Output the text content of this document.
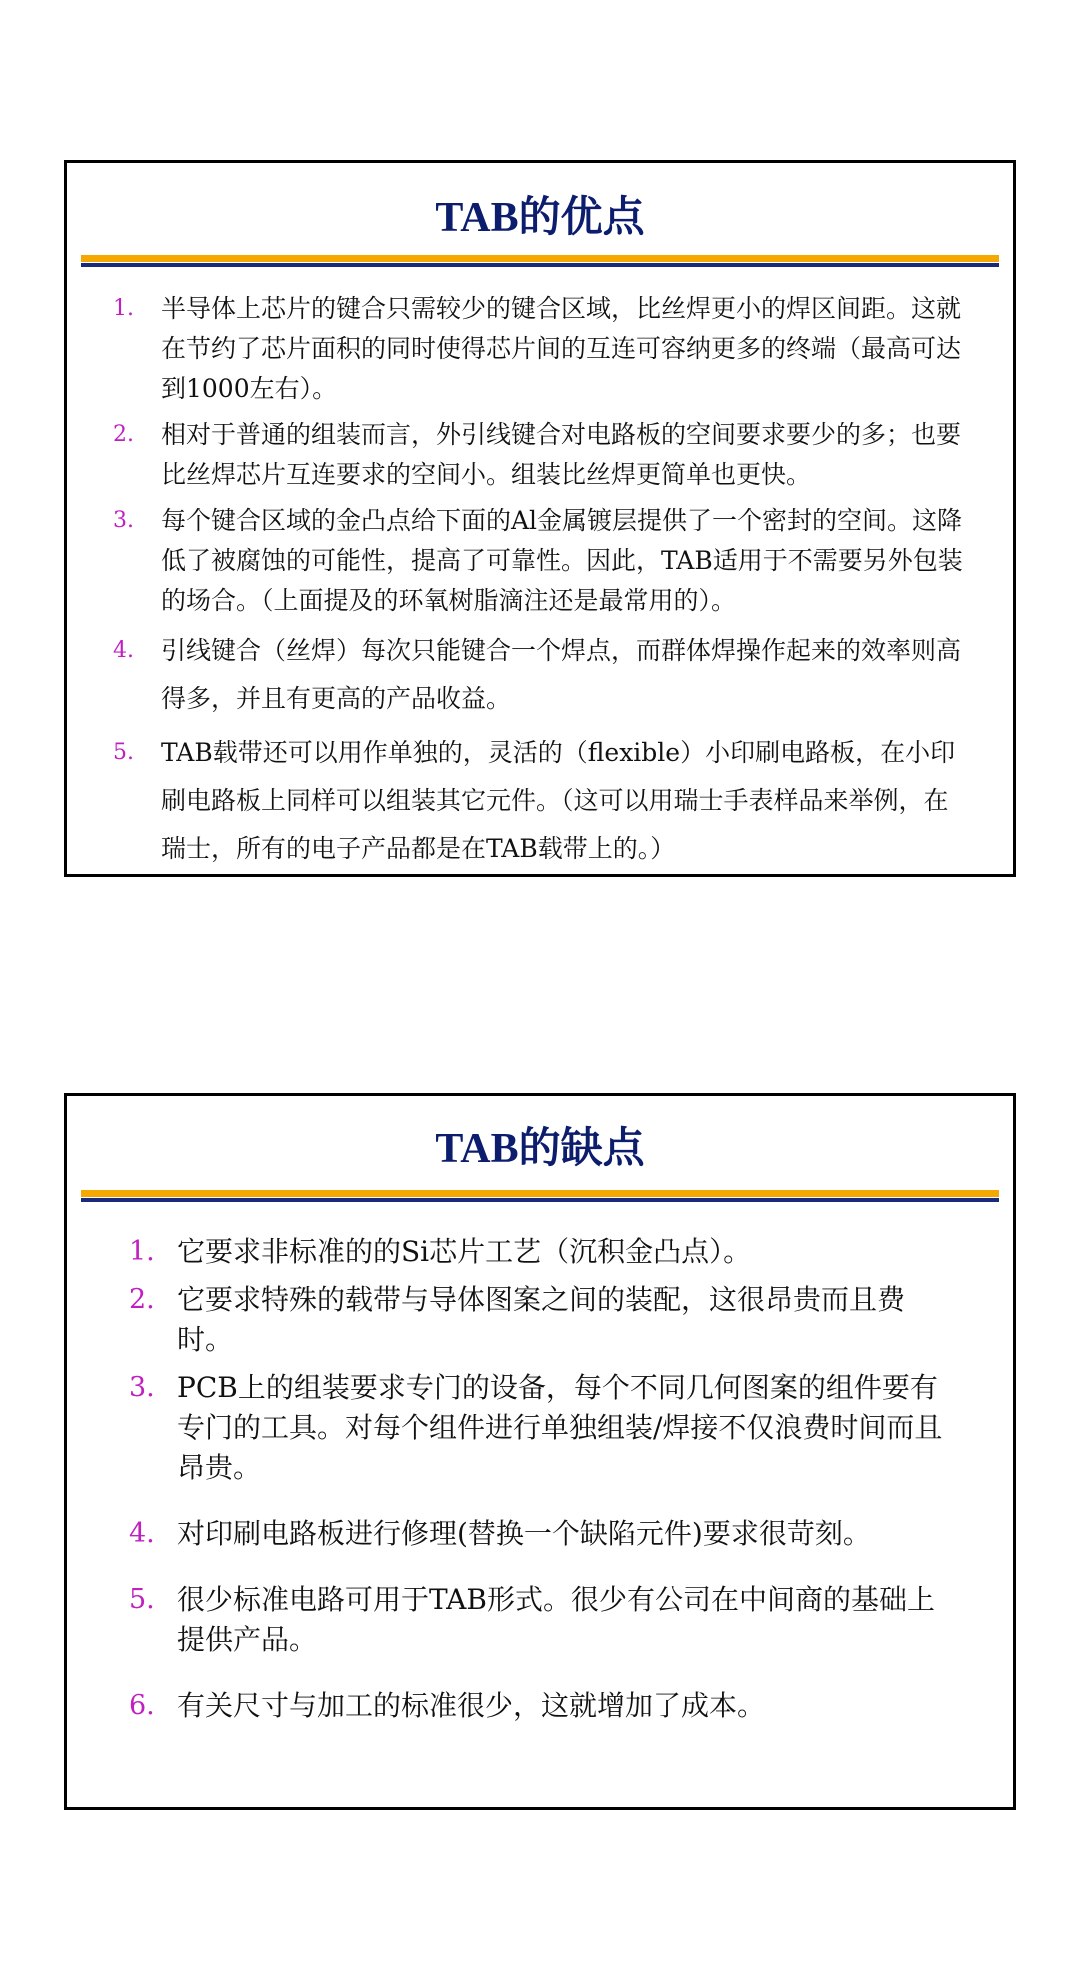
TAB的优点
1.	半导体上芯片的键合只需较少的键合区域，比丝焊更小的焊区间距。这就在节约了芯片面积的同时使得芯片间的互连可容纳更多的终端（最高可达到1000左右）。
2.	相对于普通的组装而言，外引线键合对电路板的空间要求要少的多；也要比丝焊芯片互连要求的空间小。组装比丝焊更简单也更快。
3.	每个键合区域的金凸点给下面的Al金属镀层提供了一个密封的空间。这降低了被腐蚀的可能性，提高了可靠性。因此，TAB适用于不需要另外包装的场合。（上面提及的环氧树脂滴注还是最常用的）。
4.	引线键合（丝焊）每次只能键合一个焊点，而群体焊操作起来的效率则高得多，并且有更高的产品收益。
5.	TAB载带还可以用作单独的，灵活的（flexible）小印刷电路板，在小印刷电路板上同样可以组装其它元件。（这可以用瑞士手表样品来举例，在瑞士，所有的电子产品都是在TAB载带上的。）
TAB的缺点
1. 它要求非标准的的Si芯片工艺（沉积金凸点）。
2. 它要求特殊的载带与导体图案之间的装配，这很昂贵而且费时。
3. PCB上的组装要求专门的设备，每个不同几何图案的组件要有专门的工具。对每个组件进行单独组装/焊接不仅浪费时间而且昂贵。
4. 对印刷电路板进行修理(替换一个缺陷元件)要求很苛刻。
5. 很少标准电路可用于TAB形式。很少有公司在中间商的基础上提供产品。
6. 有关尺寸与加工的标准很少，这就增加了成本。
